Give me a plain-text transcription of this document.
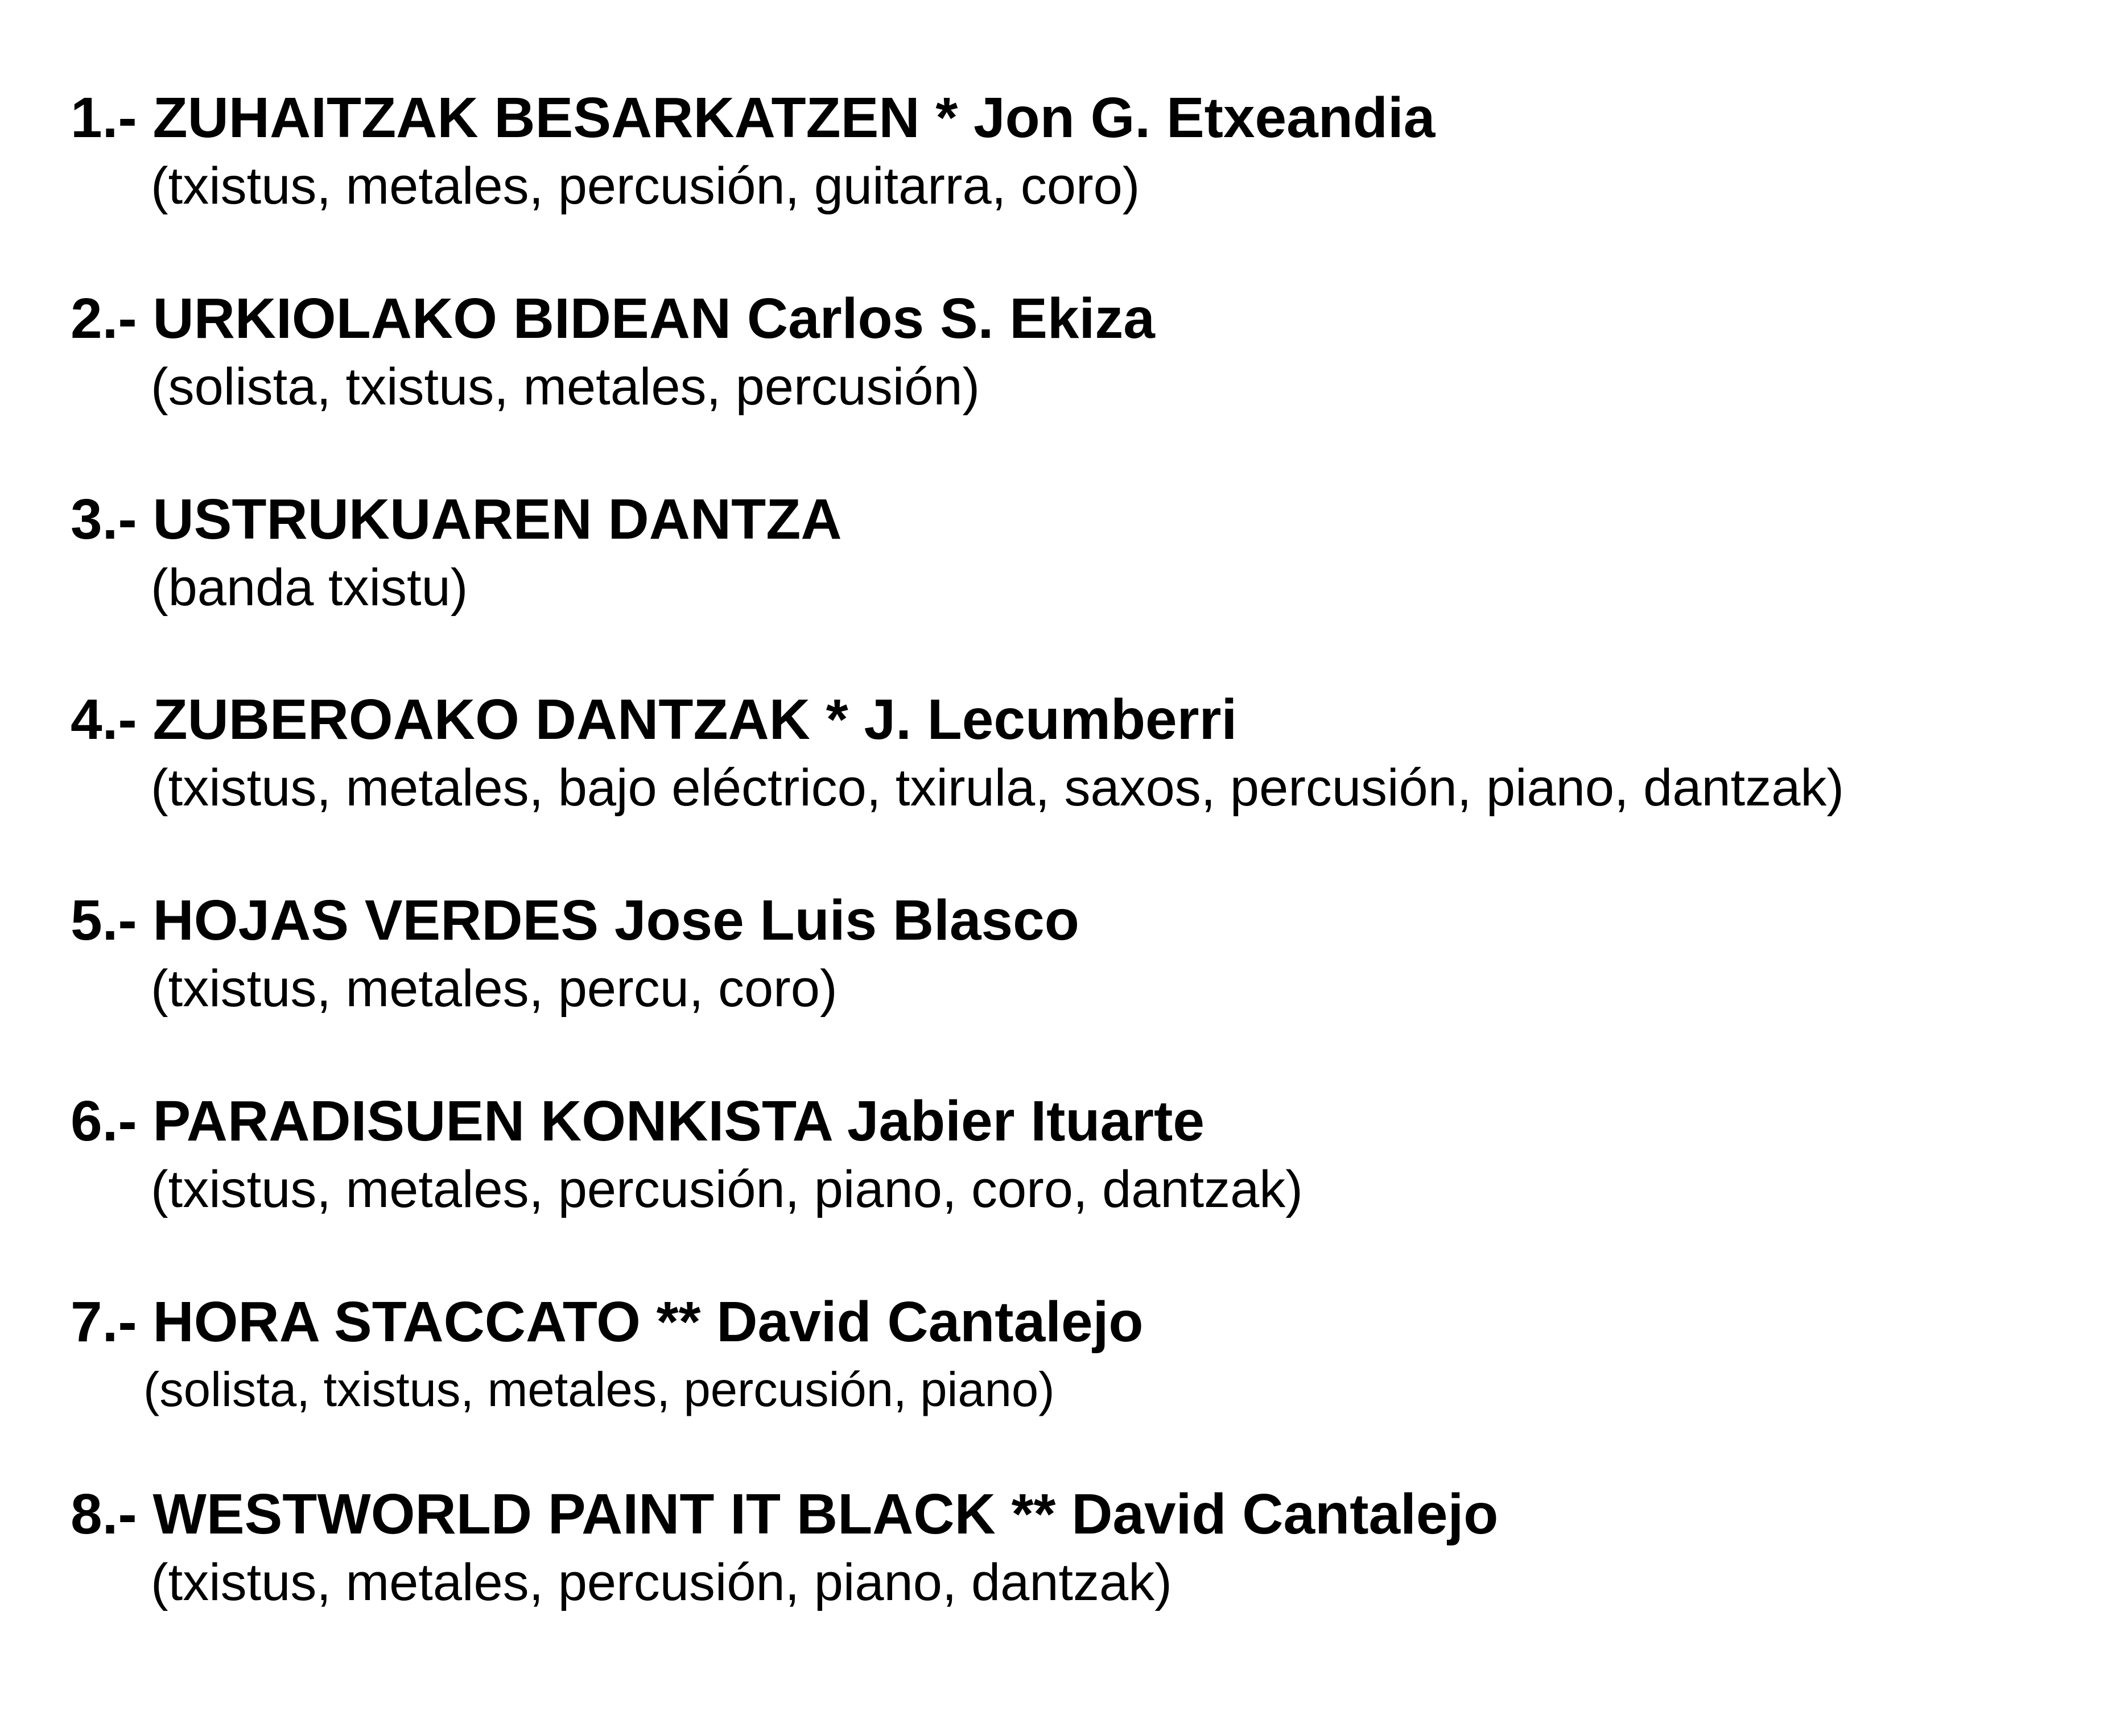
1.- ZUHAITZAK BESARKATZEN * Jon G. Etxeandia
(txistus, metales, percusión, guitarra, coro)
2.- URKIOLAKO BIDEAN Carlos S. Ekiza
(solista, txistus, metales, percusión)
3.- USTRUKUAREN DANTZA
(banda txistu)
4.- ZUBEROAKO DANTZAK * J. Lecumberri
(txistus, metales, bajo eléctrico, txirula, saxos, percusión, piano, dantzak)
5.- HOJAS VERDES Jose Luis Blasco
(txistus, metales, percu, coro)
6.- PARADISUEN KONKISTA Jabier Ituarte
(txistus, metales, percusión, piano, coro, dantzak)
7.- HORA STACCATO ** David Cantalejo
(solista, txistus, metales, percusión, piano)
8.- WESTWORLD PAINT IT BLACK ** David Cantalejo
(txistus, metales, percusión, piano, dantzak)
